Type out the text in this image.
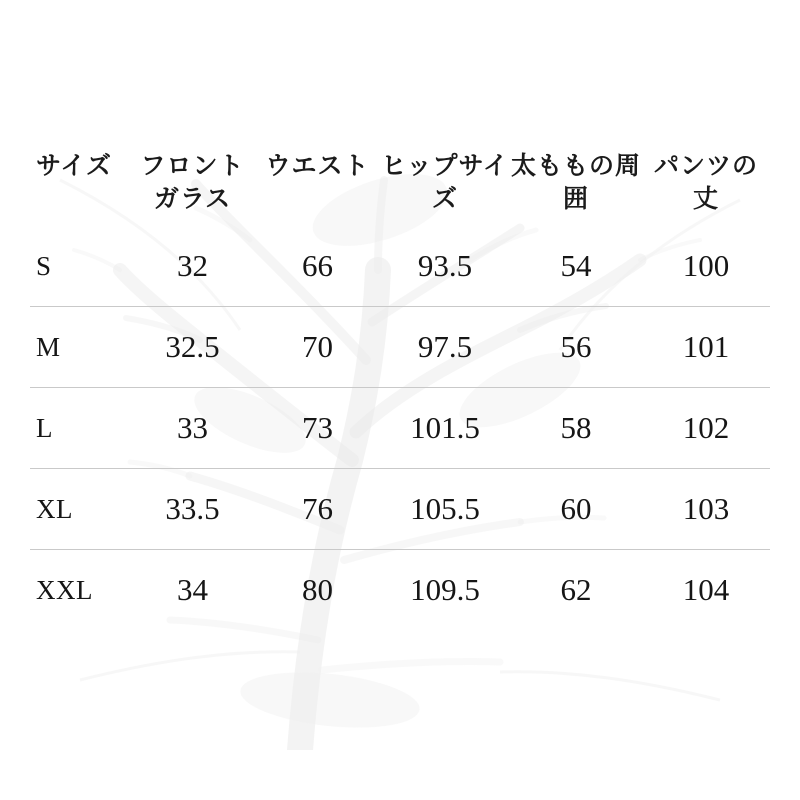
サイズ	フロントガラス	ウエスト	ヒップサイズ	太ももの周囲	パンツの丈
S	32	66	93.5	54	100
M	32.5	70	97.5	56	101
L	33	73	101.5	58	102
XL	33.5	76	105.5	60	103
XXL	34	80	109.5	62	104
